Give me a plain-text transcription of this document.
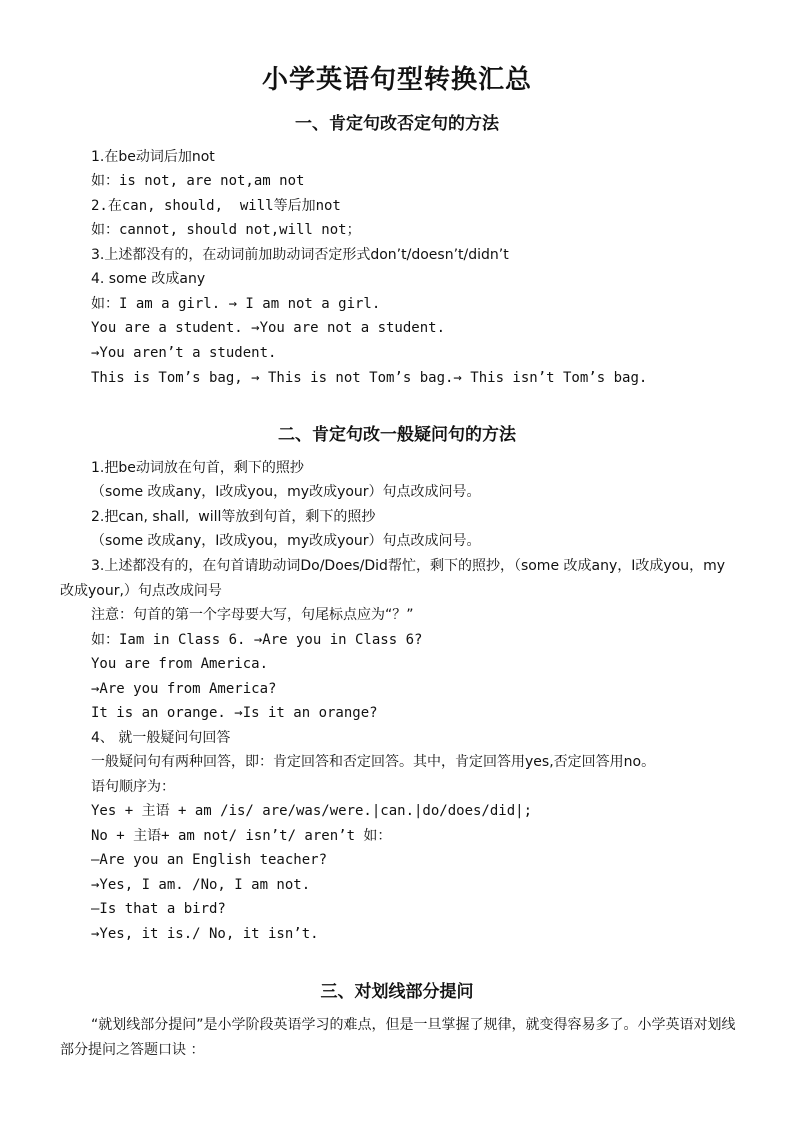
小学英语句型转换汇总
一、肯定句改否定句的方法
1.在be动词后加not
如：is not, are not,am not
2.在can, should,  will等后加not
如：cannot, should not,will not；
3.上述都没有的，在动词前加助动词否定形式don’t/doesn’t/didn’t
4. some 改成any
如：I am a girl. → I am not a girl.
You are a student. →You are not a student.
→You aren’t a student.
This is Tom’s bag, → This is not Tom’s bag.→ This isn’t Tom’s bag.
二、肯定句改一般疑问句的方法
1.把be动词放在句首，剩下的照抄
（some 改成any，I改成you，my改成your）句点改成问号。
2.把can, shall,  will等放到句首，剩下的照抄
（some 改成any，I改成you，my改成your）句点改成问号。
3.上述都没有的，在句首请助动词Do/Does/Did帮忙，剩下的照抄，（some 改成any，I改成you，my改成your,）句点改成问号
注意：句首的第一个字母要大写，句尾标点应为“？”
如：Iam in Class 6. →Are you in Class 6?
You are from America.
→Are you from America?
It is an orange. →Is it an orange?
4、 就一般疑问句回答
一般疑问句有两种回答，即：肯定回答和否定回答。其中，肯定回答用yes,否定回答用no。
语句顺序为：
Yes + 主语 + am /is/ are/was/were.|can.|do/does/did|;
No + 主语+ am not/ isn’t/ aren’t 如：
—Are you an English teacher?
→Yes, I am. /No, I am not.
—Is that a bird?
→Yes, it is./ No, it isn’t.
三、对划线部分提问
“就划线部分提问”是小学阶段英语学习的难点，但是一旦掌握了规律，就变得容易多了。小学英语对划线部分提问之答题口诀 ：
